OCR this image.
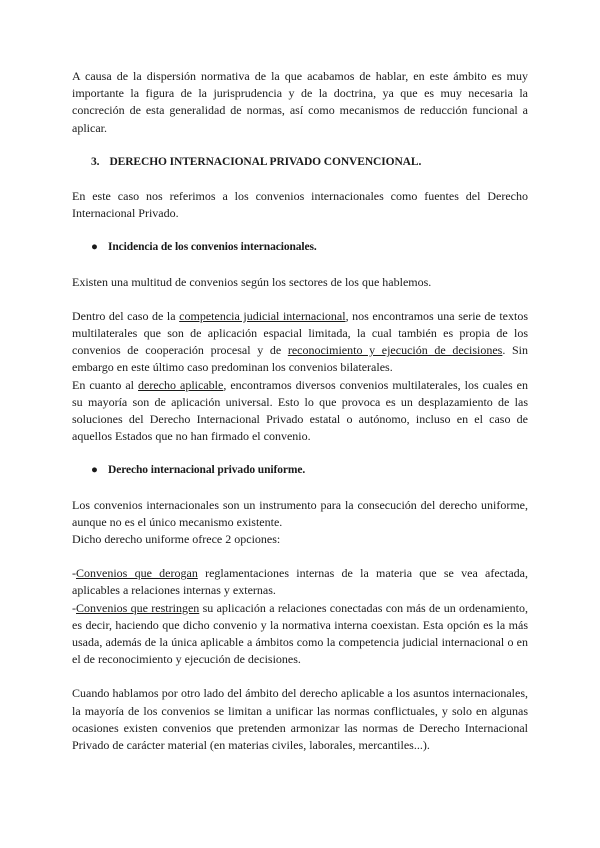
A causa de la dispersión normativa de la que acabamos de hablar, en este ámbito es muy importante la figura de la jurisprudencia y de la doctrina, ya que es muy necesaria la concreción de esta generalidad de normas, así como mecanismos de reducción funcional a aplicar.

3. DERECHO INTERNACIONAL PRIVADO CONVENCIONAL.

En este caso nos referimos a los convenios internacionales como fuentes del Derecho Internacional Privado.

● Incidencia de los convenios internacionales.

Existen una multitud de convenios según los sectores de los que hablemos.

Dentro del caso de la competencia judicial internacional, nos encontramos una serie de textos multilaterales que son de aplicación espacial limitada, la cual también es propia de los convenios de cooperación procesal y de reconocimiento y ejecución de decisiones. Sin embargo en este último caso predominan los convenios bilaterales.

En cuanto al derecho aplicable, encontramos diversos convenios multilaterales, los cuales en su mayoría son de aplicación universal. Esto lo que provoca es un desplazamiento de las soluciones del Derecho Internacional Privado estatal o autónomo, incluso en el caso de aquellos Estados que no han firmado el convenio.

● Derecho internacional privado uniforme.

Los convenios internacionales son un instrumento para la consecución del derecho uniforme, aunque no es el único mecanismo existente.

Dicho derecho uniforme ofrece 2 opciones:

-Convenios que derogan reglamentaciones internas de la materia que se vea afectada, aplicables a relaciones internas y externas.

-Convenios que restringen su aplicación a relaciones conectadas con más de un ordenamiento, es decir, haciendo que dicho convenio y la normativa interna coexistan. Esta opción es la más usada, además de la única aplicable a ámbitos como la competencia judicial internacional o en el de reconocimiento y ejecución de decisiones.

Cuando hablamos por otro lado del ámbito del derecho aplicable a los asuntos internacionales, la mayoría de los convenios se limitan a unificar las normas conflictuales, y solo en algunas ocasiones existen convenios que pretenden armonizar las normas de Derecho Internacional Privado de carácter material (en materias civiles, laborales, mercantiles...).
